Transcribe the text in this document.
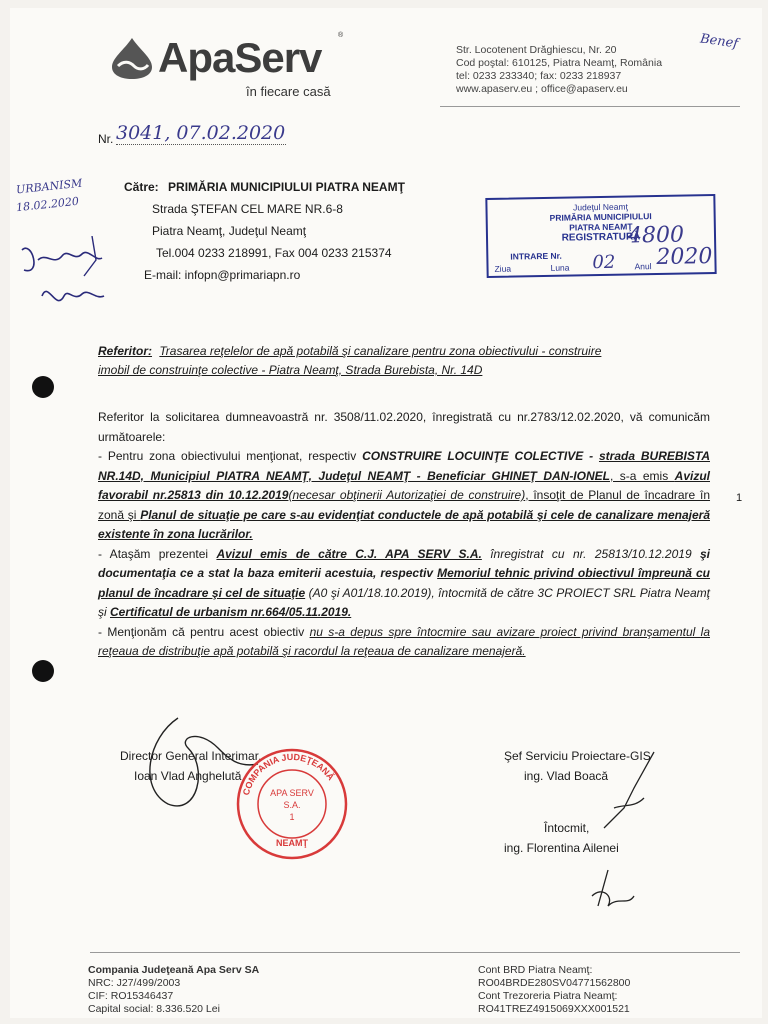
ApaServ ®
în fiecare casă
Str. Locotenent Drăghiescu, Nr. 20
Cod poştal: 610125, Piatra Neamţ, România
tel: 0233 233340; fax: 0233 218937
www.apaserv.eu ; office@apaserv.eu
Benef
Nr. 3041, 07.02.2020
URBANISM
18.02.2020
Către: PRIMĂRIA MUNICIPIULUI PIATRA NEAMŢ
Strada ŞTEFAN CEL MARE NR.6-8
Piatra Neamţ, Judeţul Neamţ
Tel.004 0233 218991, Fax 004 0233 215374
E-mail: infopn@primariapn.ro
Judeţul Neamţ
PRIMĂRIA MUNICIPIULUI
PIATRA NEAMŢ
REGISTRATURĂ
INTRARE Nr.
4800
Ziua	Luna 02 Anul 2020
Referitor: Trasarea reţelelor de apă potabilă şi canalizare pentru zona obiectivului - construire
imobil de construinţe colective - Piatra Neamţ, Strada Burebista, Nr. 14D

Referitor la solicitarea dumneavoastră nr. 3508/11.02.2020, înregistrată cu nr.2783/12.02.2020, vă comunicăm următoarele:

- Pentru zona obiectivului menţionat, respectiv CONSTRUIRE LOCUINŢE COLECTIVE - strada BUREBISTA NR.14D, Municipiul PIATRA NEAMŢ, Judeţul NEAMŢ - Beneficiar GHINEŢ DAN-IONEL, s-a emis Avizul favorabil nr.25813 din 10.12.2019(necesar obţinerii Autorizaţiei de construire), însoţit de Planul de încadrare în zonă şi Planul de situaţie pe care s-au evidenţiat conductele de apă potabilă şi cele de canalizare menajeră existente în zona lucrărilor.

- Ataşăm prezentei Avizul emis de către C.J. APA SERV S.A. înregistrat cu nr. 25813/10.12.2019 şi documentaţia ce a stat la baza emiterii acestuia, respectiv Memoriul tehnic privind obiectivul împreună cu planul de încadrare şi cel de situaţie (A0 şi A01/18.10.2019), întocmită de către 3C PROIECT SRL Piatra Neamţ şi Certificatul de urbanism nr.664/05.11.2019.

- Menţionăm că pentru acest obiectiv nu s-a depus spre întocmire sau avizare proiect privind branşamentul la reţeaua de distribuţie apă potabilă şi racordul la reţeaua de canalizare menajeră.

1
Director General Interimar,
Ioan Vlad Anghelută
COMPANIA JUDEŢEANĂ
APA SERV
S.A.
1
NEAMŢ
Şef Serviciu Proiectare-GIS
ing. Vlad Boacă
Întocmit,
ing. Florentina Ailenei
Compania Judeţeană Apa Serv SA
NRC: J27/499/2003
CIF: RO15346437
Capital social: 8.336.520 Lei
Cont BRD Piatra Neamţ:
RO04BRDE280SV04771562800
Cont Trezoreria Piatra Neamţ:
RO41TREZ4915069XXX001521
